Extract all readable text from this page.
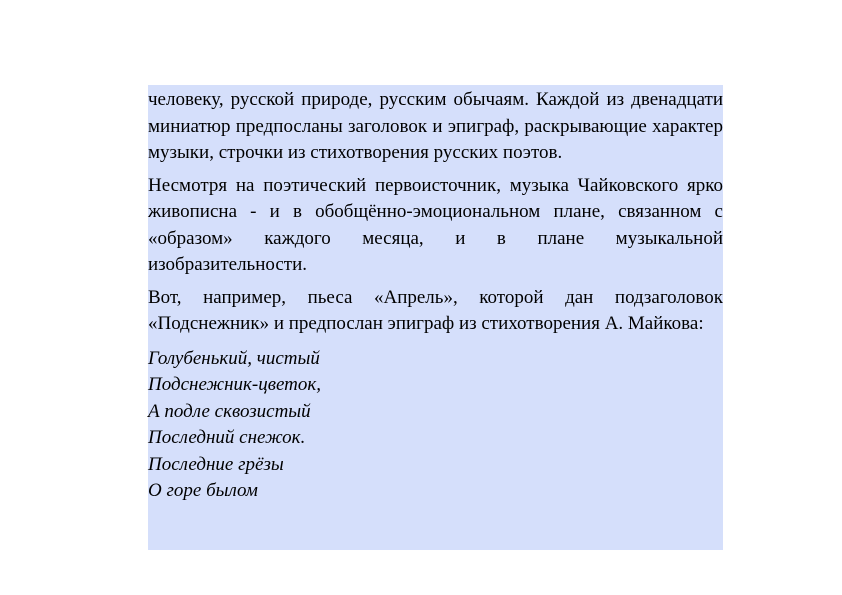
человеку, русской природе, русским обычаям. Каждой из двенадцати миниатюр предпосланы заголовок и эпиграф, раскрывающие характер музыки, строчки из стихотворения русских поэтов.

Несмотря на поэтический первоисточник, музыка Чайковского ярко живописна - и в обобщённо-эмоциональном плане, связанном с «образом» каждого месяца, и в плане музыкальной изобразительности.

Вот, например, пьеса «Апрель», которой дан подзаголовок «Подснежник» и предпослан эпиграф из стихотворения А. Майкова:

Голубенький, чистый
Подснежник-цветок,
А подле сквозистый
Последний снежок.
Последние грёзы
О горе былом
